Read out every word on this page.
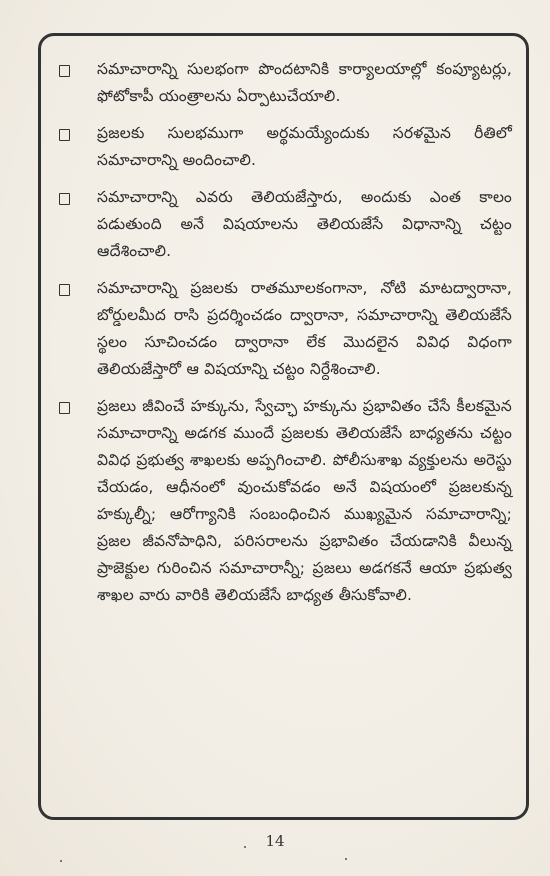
సమాచారాన్ని సులభంగా పొందటానికి కార్యాలయాల్లో కంప్యూటర్లు, ఫోటోకాపీ యంత్రాలను ఏర్పాటుచేయాలి.
ప్రజలకు సులభముగా అర్థమయ్యేందుకు సరళమైన రీతిలో సమాచారాన్ని అందించాలి.
సమాచారాన్ని ఎవరు తెలియజేస్తారు, అందుకు ఎంత కాలం పడుతుంది అనే విషయాలను తెలియజేసే విధానాన్ని చట్టం ఆదేశించాలి.
సమాచారాన్ని ప్రజలకు రాతమూలకంగానా, నోటి మాటద్వారానా, బోర్డులమీద రాసి ప్రదర్శించడం ద్వారానా, సమాచారాన్ని తెలియజేసే స్థలం సూచించడం ద్వారానా లేక మొదలైన వివిధ విధంగా తెలియజేస్తారో ఆ విషయాన్ని చట్టం నిర్దేశించాలి.
ప్రజలు జీవించే హక్కును, స్వేచ్ఛా హక్కును ప్రభావితం చేసే కీలకమైన సమాచారాన్ని అడగక ముందే ప్రజలకు తెలియజేసే బాధ్యతను చట్టం వివిధ ప్రభుత్వ శాఖలకు అప్పగించాలి. పోలీసుశాఖ వ్యక్తులను అరెస్టు చేయడం, ఆధీనంలో వుంచుకోవడం అనే విషయంలో ప్రజలకున్న హక్కుల్నీ; ఆరోగ్యానికి సంబంధించిన ముఖ్యమైన సమాచారాన్ని; ప్రజల జీవనోపాధిని, పరిసరాలను ప్రభావితం చేయడానికి వీలున్న ప్రాజెక్టుల గురించిన సమాచారాన్నీ; ప్రజలు అడగకనే ఆయా ప్రభుత్వ శాఖల వారు వారికి తెలియజేసే బాధ్యత తీసుకోవాలి.
14
